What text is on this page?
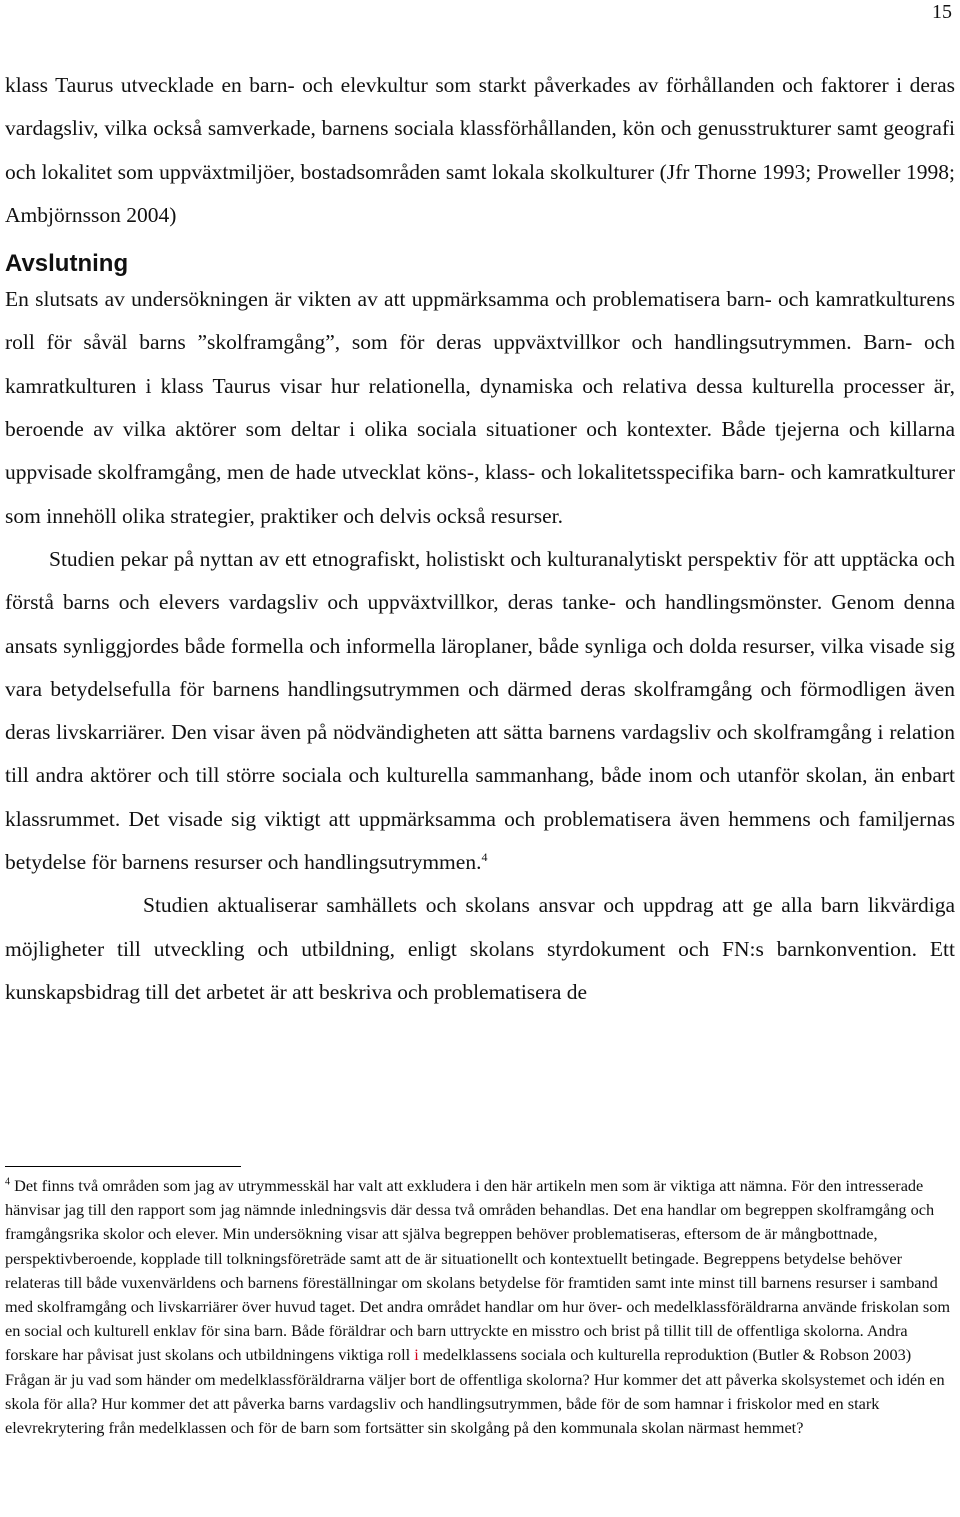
15

klass Taurus utvecklade en barn- och elevkultur som starkt påverkades av förhållanden och faktorer i deras vardagsliv, vilka också samverkade, barnens sociala klassförhållanden, kön och genusstrukturer samt geografi och lokalitet som uppväxtmiljöer, bostadsområden samt lokala skolkulturer (Jfr Thorne 1993; Proweller 1998; Ambjörnsson 2004)

Avslutning

En slutsats av undersökningen är vikten av att uppmärksamma och problematisera barn- och kamratkulturens roll för såväl barns ”skolframgång”, som för deras uppväxtvillkor och handlingsutrymmen. Barn- och kamratkulturen i klass Taurus visar hur relationella, dynamiska och relativa dessa kulturella processer är, beroende av vilka aktörer som deltar i olika sociala situationer och kontexter. Både tjejerna och killarna uppvisade skolframgång, men de hade utvecklat köns-, klass- och lokalitetsspecifika barn- och kamratkulturer som innehöll olika strategier, praktiker och delvis också resurser.

Studien pekar på nyttan av ett etnografiskt, holistiskt och kulturanalytiskt perspektiv för att upptäcka och förstå barns och elevers vardagsliv och uppväxtvillkor, deras tanke- och handlingsmönster. Genom denna ansats synliggjordes både formella och informella läroplaner, både synliga och dolda resurser, vilka visade sig vara betydelsefulla för barnens handlingsutrymmen och därmed deras skolframgång och förmodligen även deras livskarriärer. Den visar även på nödvändigheten att sätta barnens vardagsliv och skolframgång i relation till andra aktörer och till större sociala och kulturella sammanhang, både inom och utanför skolan, än enbart klassrummet. Det visade sig viktigt att uppmärksamma och problematisera även hemmens och familjernas betydelse för barnens resurser och handlingsutrymmen.$^4$

Studien aktualiserar samhällets och skolans ansvar och uppdrag att ge alla barn likvärdiga möjligheter till utveckling och utbildning, enligt skolans styrdokument och FN:s barnkonvention. Ett kunskapsbidrag till det arbetet är att beskriva och problematisera de

$^4$ Det finns två områden som jag av utrymmesskäl har valt att exkludera i den här artikeln men som är viktiga att nämna. För den intresserade hänvisar jag till den rapport som jag nämnde inledningsvis där dessa två områden behandlas. Det ena handlar om begreppen skolframgång och framgångsrika skolor och elever. Min undersökning visar att själva begreppen behöver problematiseras, eftersom de är mångbottnade, perspektivberoende, kopplade till tolkningsföreträde samt att de är situationellt och kontextuellt betingade. Begreppens betydelse behöver relateras till både vuxenvärldens och barnens föreställningar om skolans betydelse för framtiden samt inte minst till barnens resurser i samband med skolframgång och livskarriärer över huvud taget. Det andra området handlar om hur över- och medelklassföräldrarna använde friskolan som en social och kulturell enklav för sina barn. Både föräldrar och barn uttryckte en misstro och brist på tillit till de offentliga skolorna. Andra forskare har påvisat just skolans och utbildningens viktiga roll i medelklassens sociala och kulturella reproduktion (Butler & Robson 2003) Frågan är ju vad som händer om medelklassföräldrarna väljer bort de offentliga skolorna? Hur kommer det att påverka skolsystemet och idén en skola för alla? Hur kommer det att påverka barns vardagsliv och handlingsutrymmen, både för de som hamnar i friskolor med en stark elevrekrytering från medelklassen och för de barn som fortsätter sin skolgång på den kommunala skolan närmast hemmet?
